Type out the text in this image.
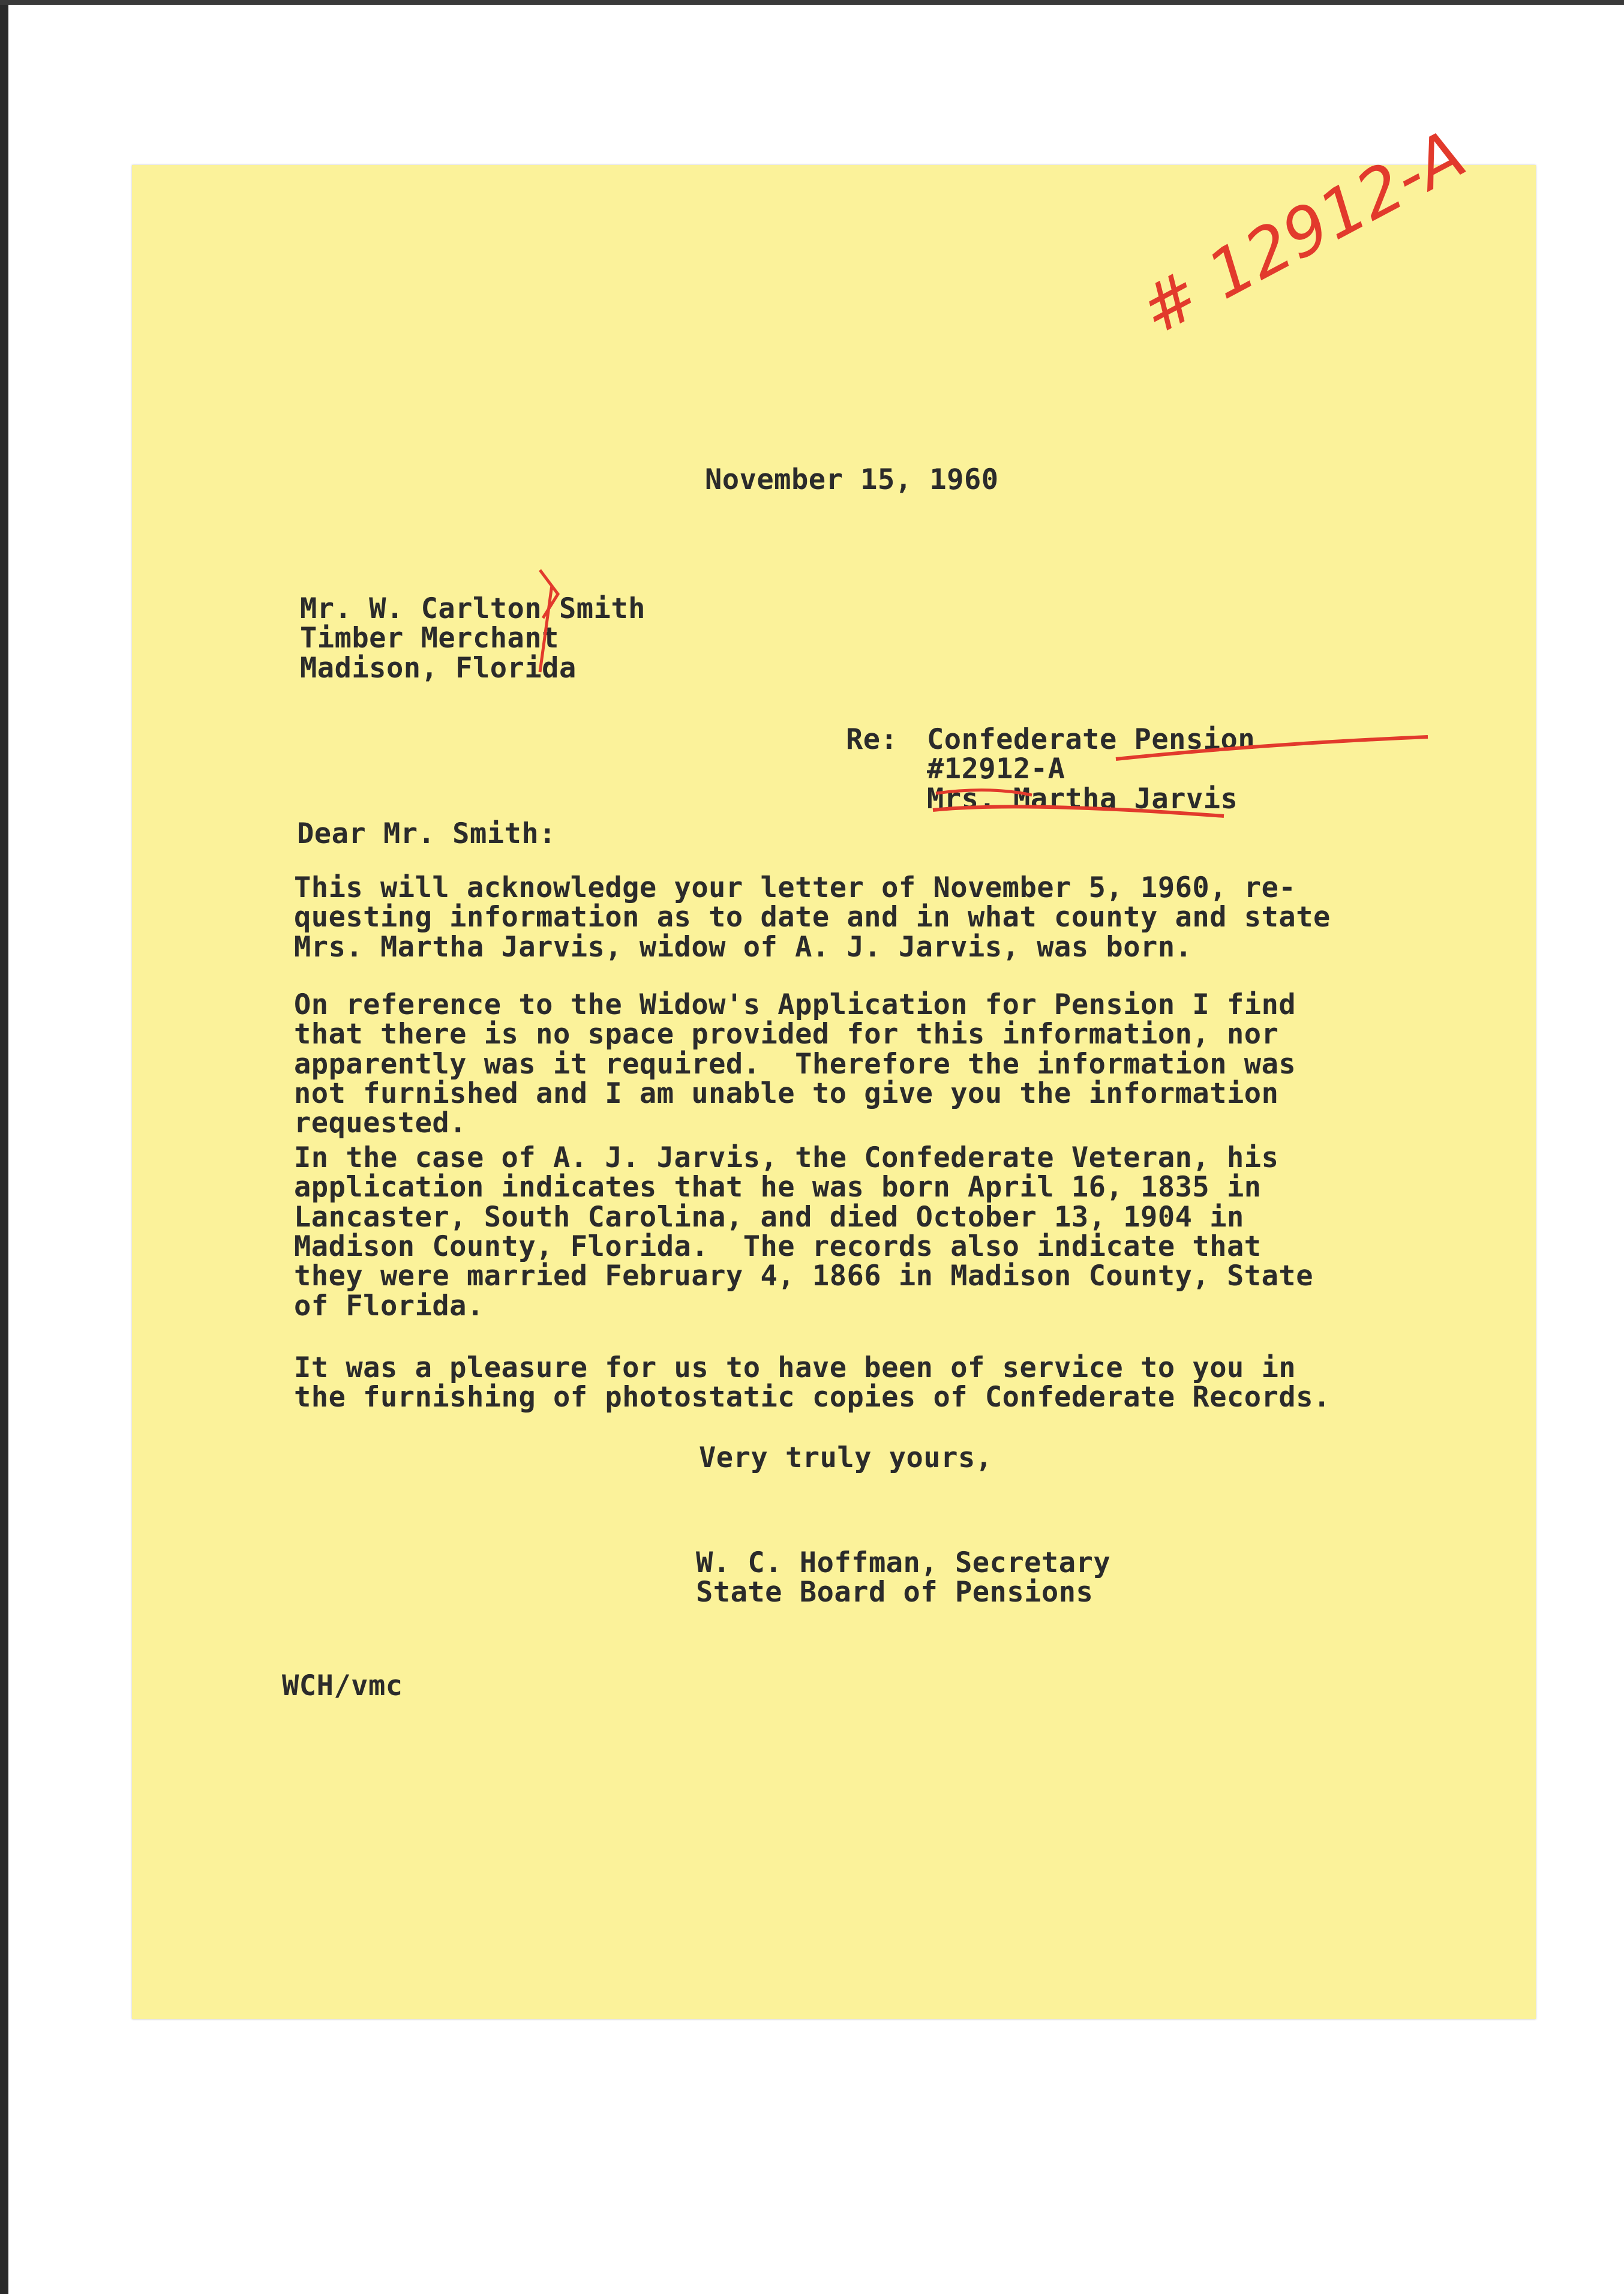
November 15, 1960
Mr. W. Carlton Smith
Timber Merchant
Madison, Florida
Re: Confederate Pension
#12912-A
Mrs. Martha Jarvis
Dear Mr. Smith:
This will acknowledge your letter of November 5, 1960, re-
questing information as to date and in what county and state
Mrs. Martha Jarvis, widow of A. J. Jarvis, was born.
On reference to the Widow's Application for Pension I find
that there is no space provided for this information, nor
apparently was it required.  Therefore the information was
not furnished and I am unable to give you the information
requested.
In the case of A. J. Jarvis, the Confederate Veteran, his
application indicates that he was born April 16, 1835 in
Lancaster, South Carolina, and died October 13, 1904 in
Madison County, Florida.  The records also indicate that
they were married February 4, 1866 in Madison County, State
of Florida.
It was a pleasure for us to have been of service to you in
the furnishing of photostatic copies of Confederate Records.
Very truly yours,
W. C. Hoffman, Secretary
State Board of Pensions
WCH/vmc
# 12912-A
